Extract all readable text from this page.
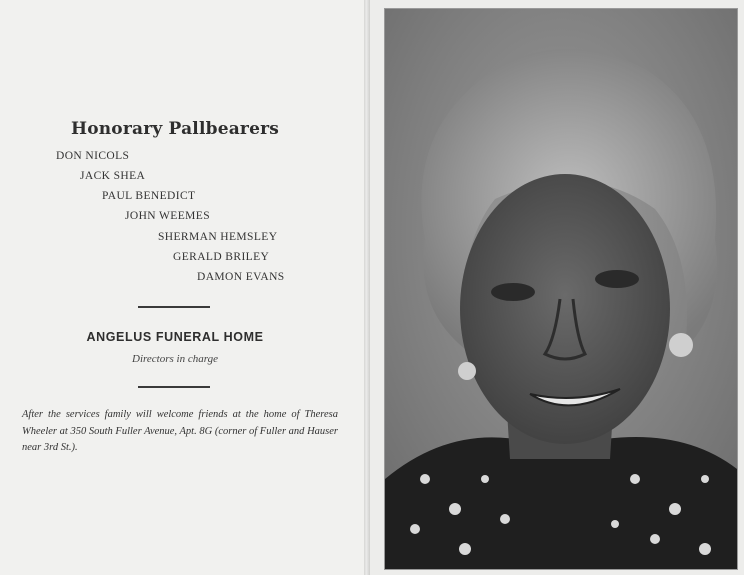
Honorary Pallbearers
DON NICOLS
JACK SHEA
PAUL BENEDICT
JOHN WEEMES
SHERMAN HEMSLEY
GERALD BRILEY
DAMON EVANS
ANGELUS FUNERAL HOME
Directors in charge
After the services family will welcome friends at the home of Theresa Wheeler at 350 South Fuller Avenue, Apt. 8G (corner of Fuller and Hauser near 3rd St.).
